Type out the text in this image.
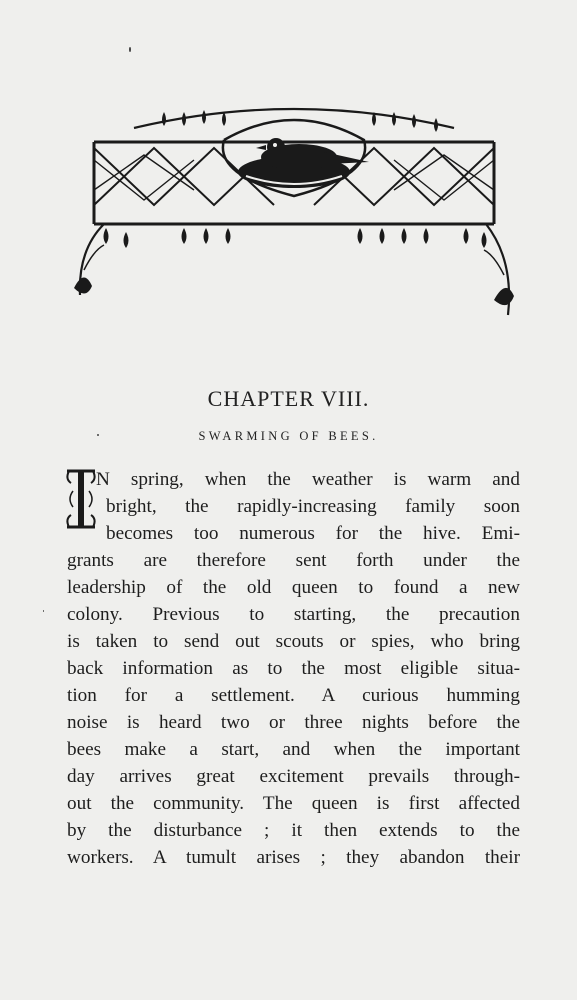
CHAPTER VIII.
SWARMING OF BEES.
N spring, when the weather is warm and
bright, the rapidly-increasing family soon
becomes too numerous for the hive. Emi-
grants are therefore sent forth under the
leadership of the old queen to found a new
colony. Previous to starting, the precaution
is taken to send out scouts or spies, who bring
back information as to the most eligible situa-
tion for a settlement. A curious humming
noise is heard two or three nights before the
bees make a start, and when the important
day arrives great excitement prevails through-
out the community. The queen is first affected
by the disturbance ; it then extends to the
workers. A tumult arises ; they abandon their
